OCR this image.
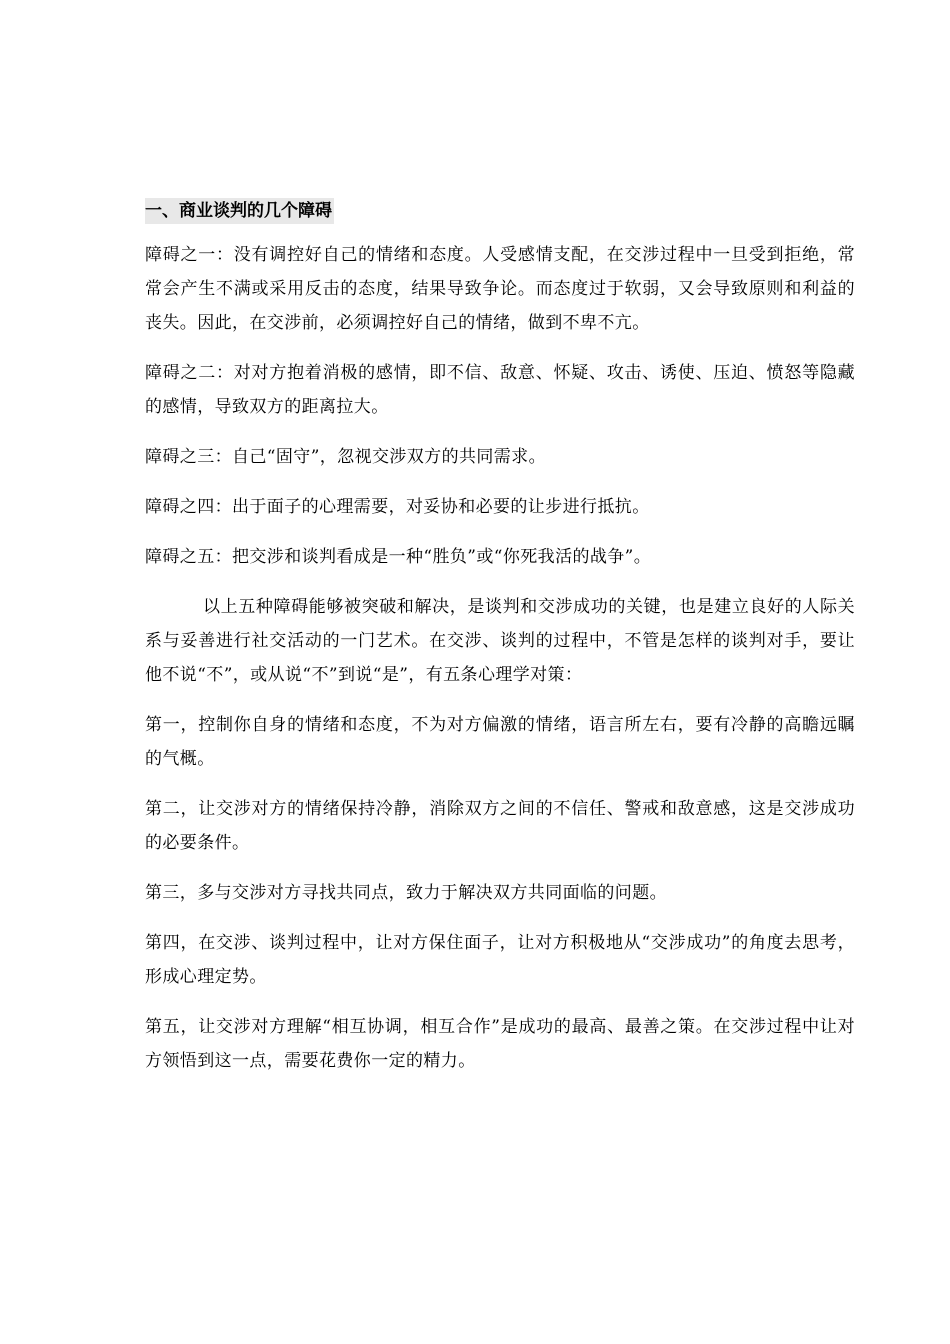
一、商业谈判的几个障碍

障碍之一：没有调控好自己的情绪和态度。人受感情支配，在交涉过程中一旦受到拒绝，常常会产生不满或采用反击的态度，结果导致争论。而态度过于软弱，又会导致原则和利益的丧失。因此，在交涉前，必须调控好自己的情绪，做到不卑不亢。

障碍之二：对对方抱着消极的感情，即不信、敌意、怀疑、攻击、诱使、压迫、愤怒等隐藏的感情，导致双方的距离拉大。

障碍之三：自己“固守”，忽视交涉双方的共同需求。

障碍之四：出于面子的心理需要，对妥协和必要的让步进行抵抗。

障碍之五：把交涉和谈判看成是一种“胜负”或“你死我活的战争”。

以上五种障碍能够被突破和解决，是谈判和交涉成功的关键，也是建立良好的人际关系与妥善进行社交活动的一门艺术。在交涉、谈判的过程中，不管是怎样的谈判对手，要让他不说“不”，或从说“不”到说“是”，有五条心理学对策：

第一，控制你自身的情绪和态度，不为对方偏激的情绪，语言所左右，要有冷静的高瞻远瞩的气概。

第二，让交涉对方的情绪保持冷静，消除双方之间的不信任、警戒和敌意感，这是交涉成功的必要条件。

第三，多与交涉对方寻找共同点，致力于解决双方共同面临的问题。

第四，在交涉、谈判过程中，让对方保住面子，让对方积极地从“交涉成功”的角度去思考，形成心理定势。

第五，让交涉对方理解“相互协调，相互合作”是成功的最高、最善之策。在交涉过程中让对方领悟到这一点，需要花费你一定的精力。
